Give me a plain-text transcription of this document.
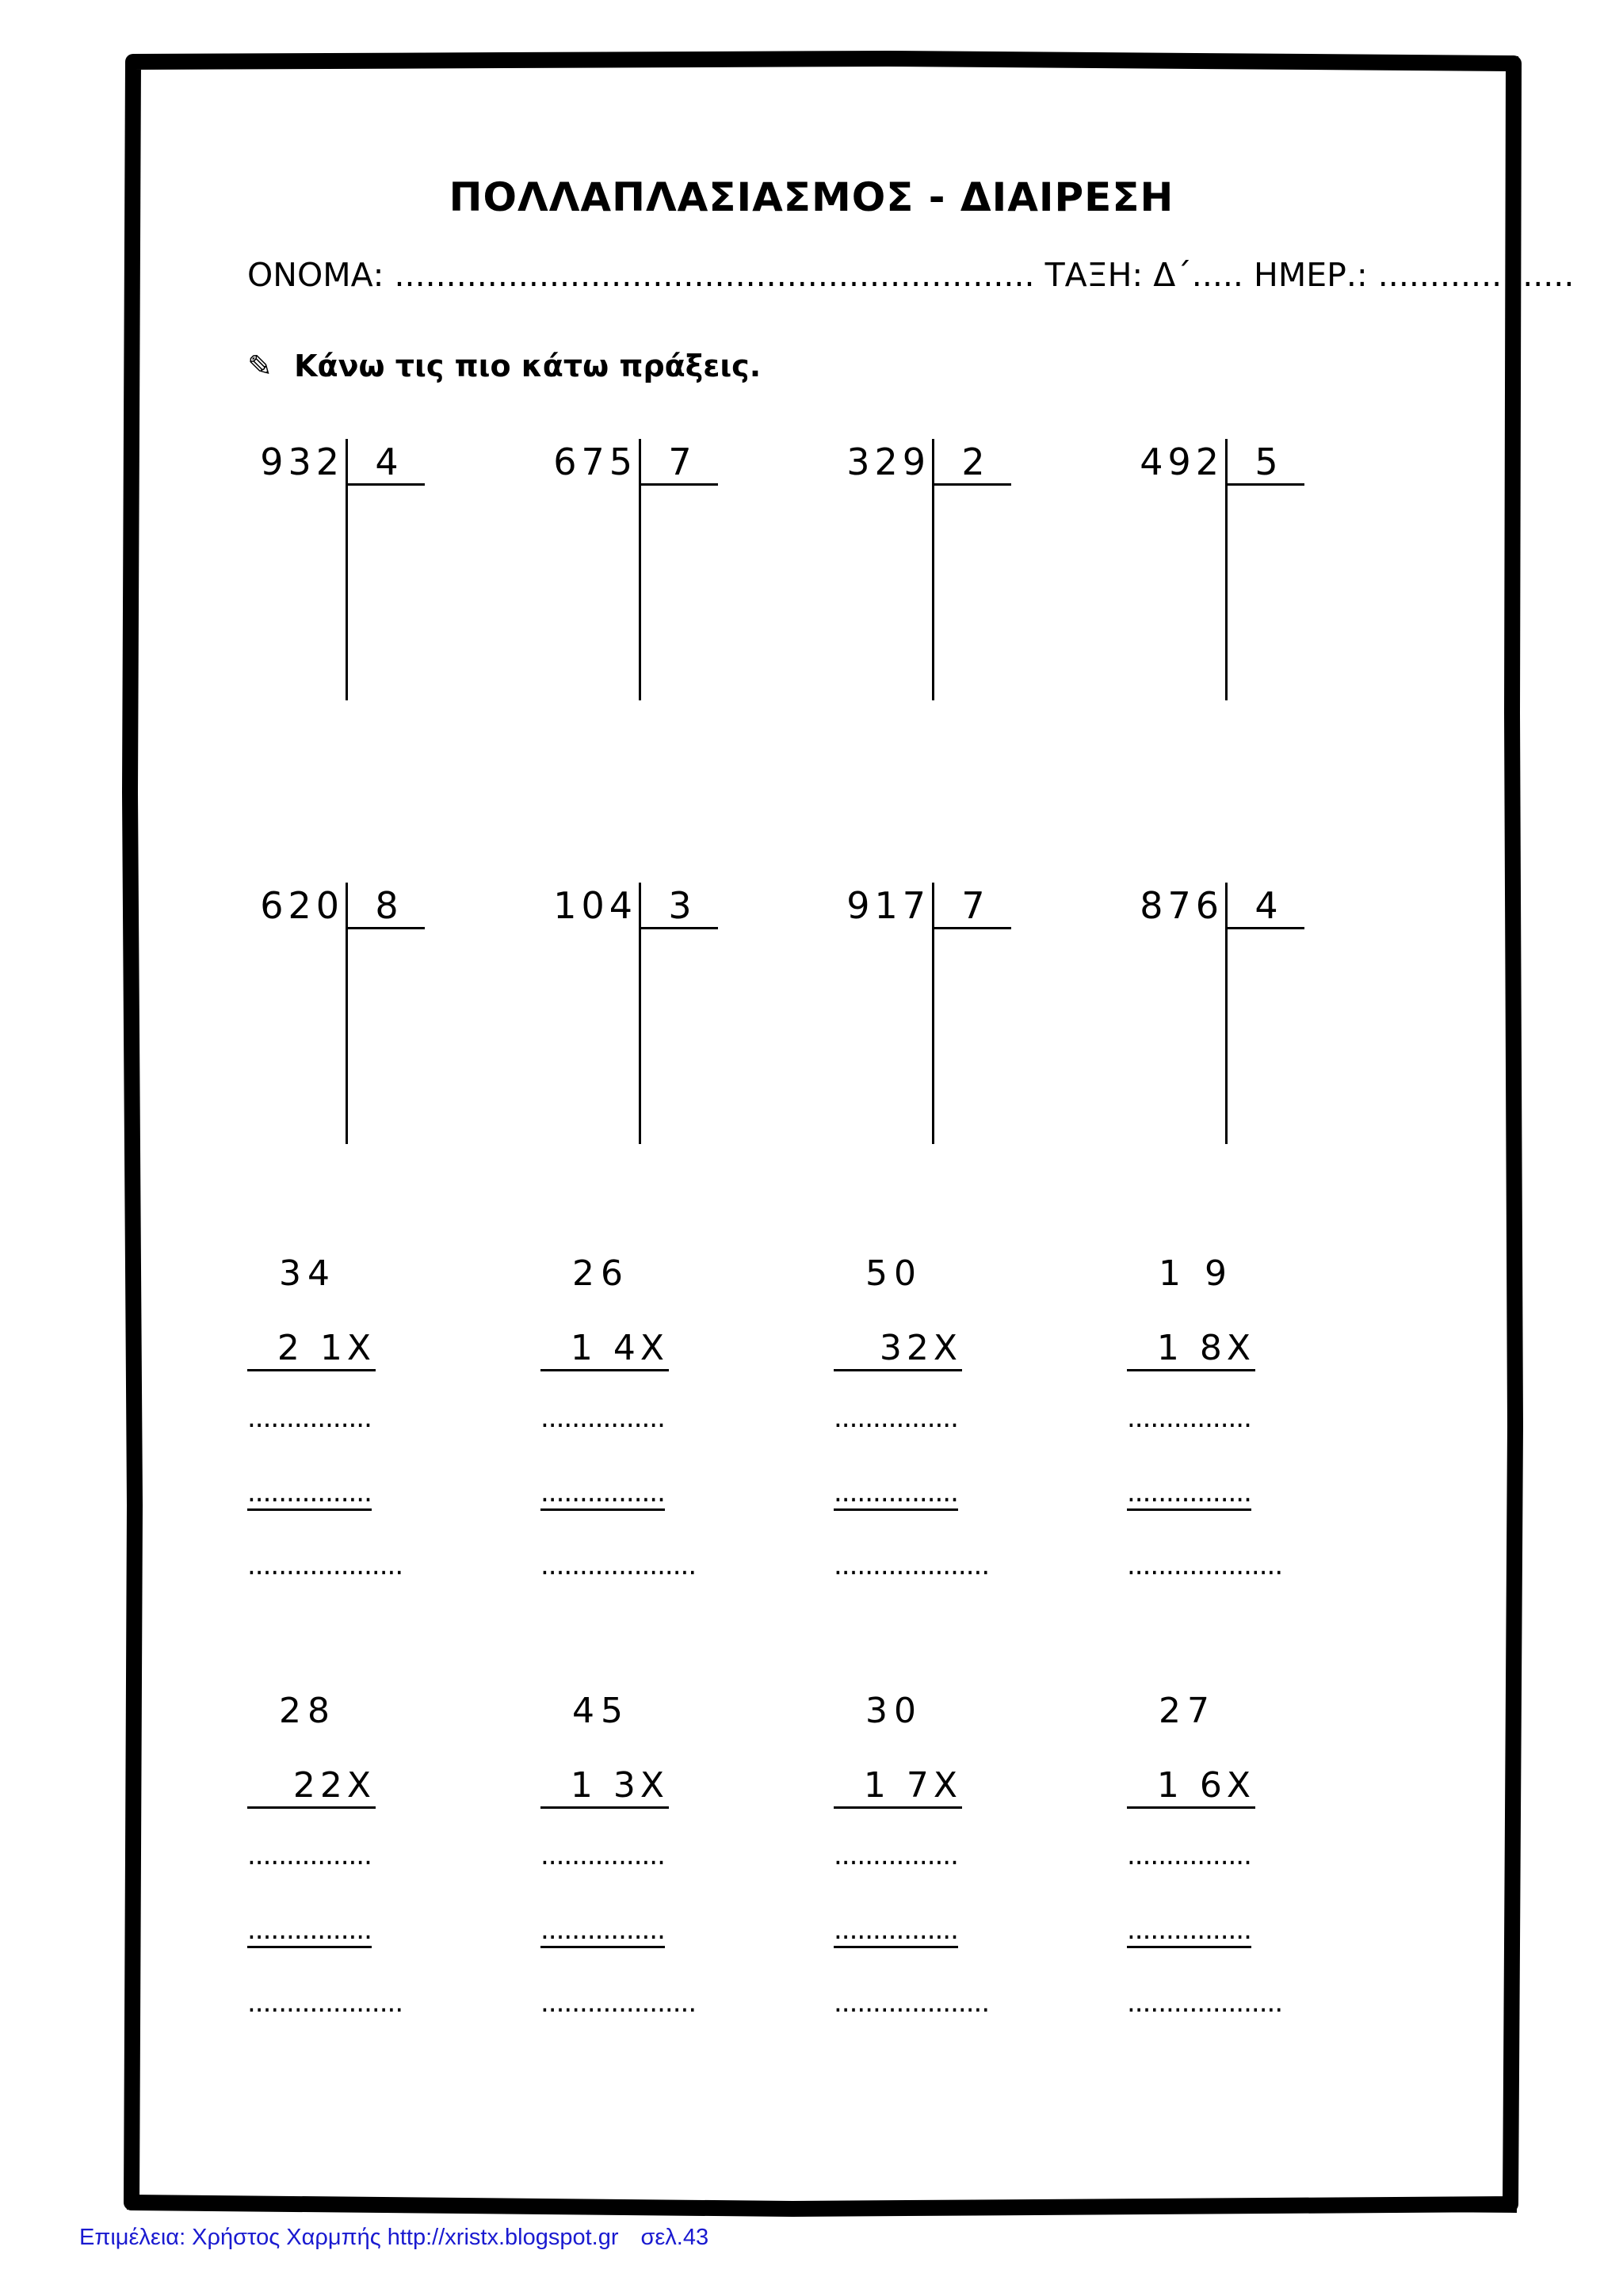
ΠΟΛΛΑΠΛΑΣΙΑΣΜΟΣ - ΔΙΑΙΡΕΣΗ
ΟΝΟΜΑ: .............................................................. ΤΑΞΗ: Δ΄..... ΗΜΕΡ.: ...................
✎ Κάνω τις πιο κάτω πράξεις.
932 4	675 7	329 2	492 5
620 8	104 3	917 7	876 4
34
2 1X
................
................
....................
26
1 4X
................
................
....................
50
32X
................
................
....................
1 9
1 8X
................
................
....................
28
22X
................
................
....................
45
1 3X
................
................
....................
30
1 7X
................
................
....................
27
1 6X
................
................
....................
Επιμέλεια: Χρήστος Χαρμπής http://xristx.blogspot.gr σελ.43
